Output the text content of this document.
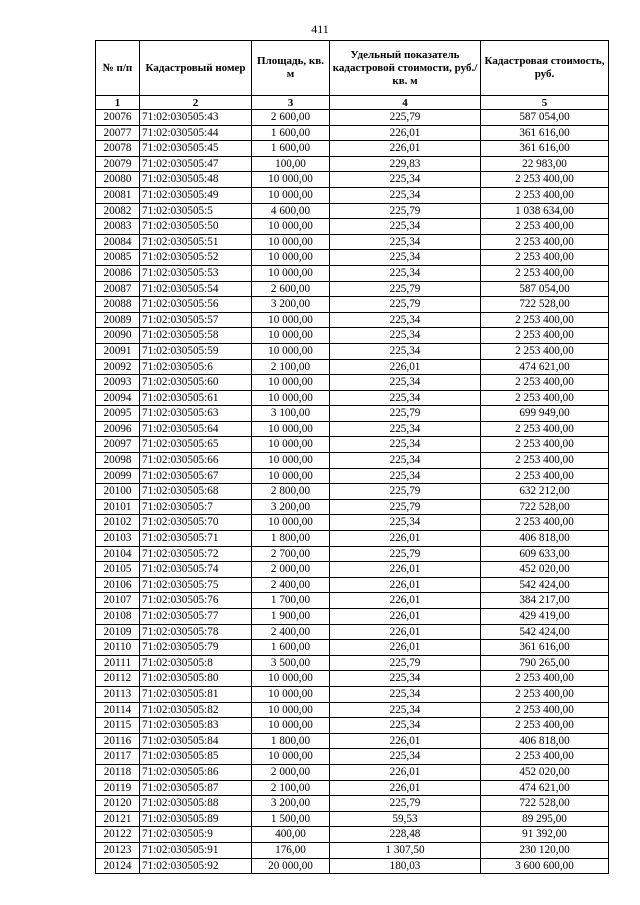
411
№ п/п	Кадастровый номер	Площадь, кв. м	Удельный показатель кадастровой стоимости, руб./кв. м	Кадастровая стоимость, руб.
1	2	3	4	5
20076	71:02:030505:43	2 600,00	225,79	587 054,00
20077	71:02:030505:44	1 600,00	226,01	361 616,00
20078	71:02:030505:45	1 600,00	226,01	361 616,00
20079	71:02:030505:47	100,00	229,83	22 983,00
20080	71:02:030505:48	10 000,00	225,34	2 253 400,00
20081	71:02:030505:49	10 000,00	225,34	2 253 400,00
20082	71:02:030505:5	4 600,00	225,79	1 038 634,00
20083	71:02:030505:50	10 000,00	225,34	2 253 400,00
20084	71:02:030505:51	10 000,00	225,34	2 253 400,00
20085	71:02:030505:52	10 000,00	225,34	2 253 400,00
20086	71:02:030505:53	10 000,00	225,34	2 253 400,00
20087	71:02:030505:54	2 600,00	225,79	587 054,00
20088	71:02:030505:56	3 200,00	225,79	722 528,00
20089	71:02:030505:57	10 000,00	225,34	2 253 400,00
20090	71:02:030505:58	10 000,00	225,34	2 253 400,00
20091	71:02:030505:59	10 000,00	225,34	2 253 400,00
20092	71:02:030505:6	2 100,00	226,01	474 621,00
20093	71:02:030505:60	10 000,00	225,34	2 253 400,00
20094	71:02:030505:61	10 000,00	225,34	2 253 400,00
20095	71:02:030505:63	3 100,00	225,79	699 949,00
20096	71:02:030505:64	10 000,00	225,34	2 253 400,00
20097	71:02:030505:65	10 000,00	225,34	2 253 400,00
20098	71:02:030505:66	10 000,00	225,34	2 253 400,00
20099	71:02:030505:67	10 000,00	225,34	2 253 400,00
20100	71:02:030505:68	2 800,00	225,79	632 212,00
20101	71:02:030505:7	3 200,00	225,79	722 528,00
20102	71:02:030505:70	10 000,00	225,34	2 253 400,00
20103	71:02:030505:71	1 800,00	226,01	406 818,00
20104	71:02:030505:72	2 700,00	225,79	609 633,00
20105	71:02:030505:74	2 000,00	226,01	452 020,00
20106	71:02:030505:75	2 400,00	226,01	542 424,00
20107	71:02:030505:76	1 700,00	226,01	384 217,00
20108	71:02:030505:77	1 900,00	226,01	429 419,00
20109	71:02:030505:78	2 400,00	226,01	542 424,00
20110	71:02:030505:79	1 600,00	226,01	361 616,00
20111	71:02:030505:8	3 500,00	225,79	790 265,00
20112	71:02:030505:80	10 000,00	225,34	2 253 400,00
20113	71:02:030505:81	10 000,00	225,34	2 253 400,00
20114	71:02:030505:82	10 000,00	225,34	2 253 400,00
20115	71:02:030505:83	10 000,00	225,34	2 253 400,00
20116	71:02:030505:84	1 800,00	226,01	406 818,00
20117	71:02:030505:85	10 000,00	225,34	2 253 400,00
20118	71:02:030505:86	2 000,00	226,01	452 020,00
20119	71:02:030505:87	2 100,00	226,01	474 621,00
20120	71:02:030505:88	3 200,00	225,79	722 528,00
20121	71:02:030505:89	1 500,00	59,53	89 295,00
20122	71:02:030505:9	400,00	228,48	91 392,00
20123	71:02:030505:91	176,00	1 307,50	230 120,00
20124	71:02:030505:92	20 000,00	180,03	3 600 600,00
